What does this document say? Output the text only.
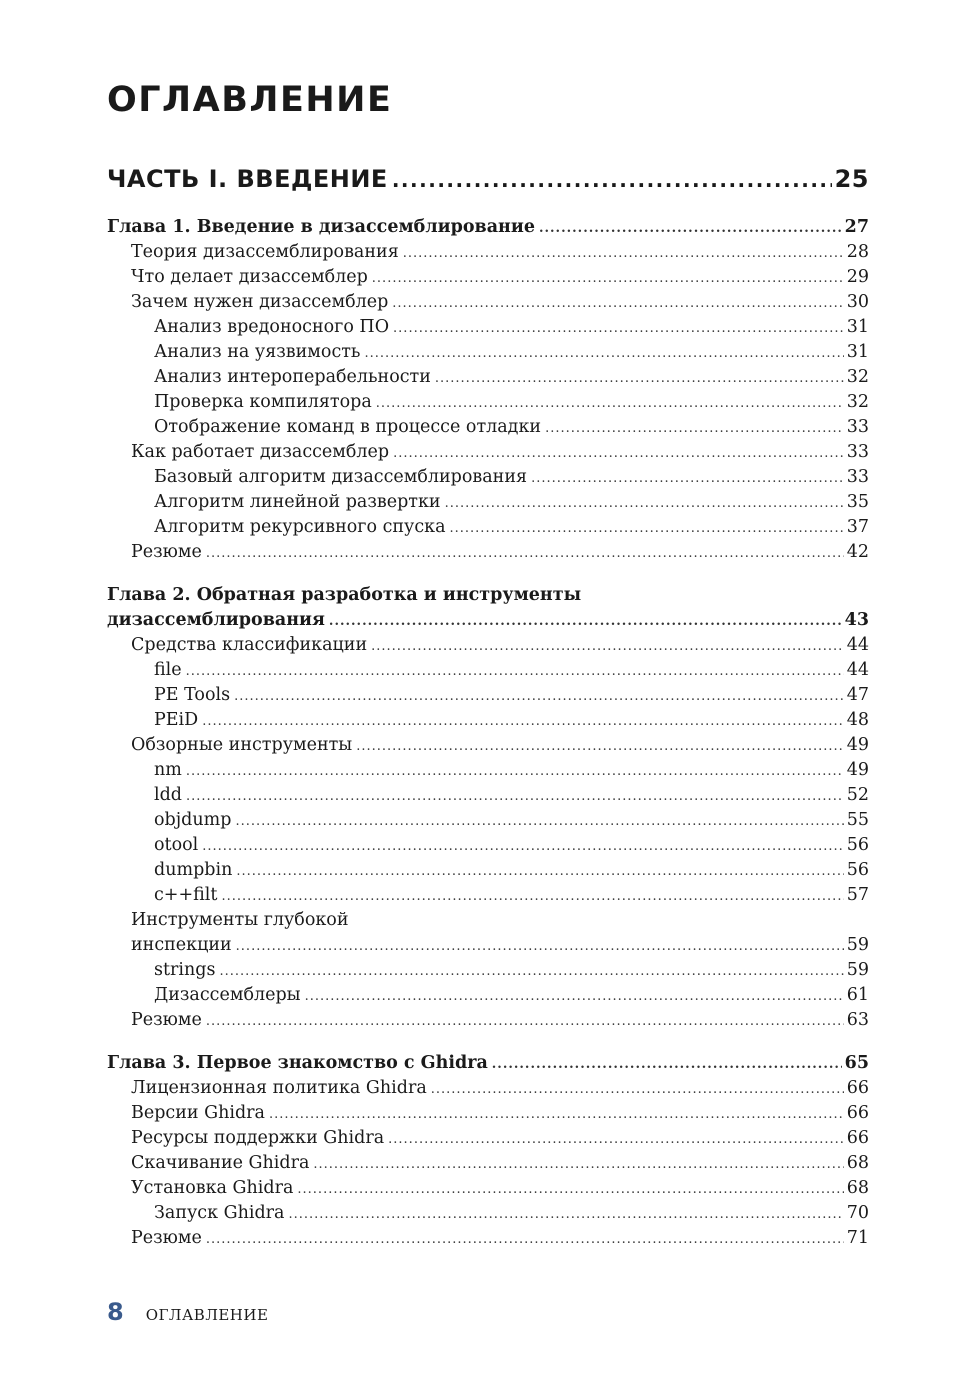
ОГЛАВЛЕНИЕ
ЧАСТЬ I. ВВЕДЕНИЕ .....	25
Глава 1. Введение в дизассемблирование .....	27
Теория дизассемблирования .....	28
Что делает дизассемблер .....	29
Зачем нужен дизассемблер .....	30
Анализ вредоносного ПО .....	31
Анализ на уязвимость .....	31
Анализ интероперабельности .....	32
Проверка компилятора .....	32
Отображение команд в процессе отладки .....	33
Как работает дизассемблер .....	33
Базовый алгоритм дизассемблирования .....	33
Алгоритм линейной развертки .....	35
Алгоритм рекурсивного спуска .....	37
Резюме .....	42
Глава 2. Обратная разработка и инструменты
дизассемблирования .....	43
Средства классификации .....	44
file .....	44
PE Tools .....	47
PEiD .....	48
Обзорные инструменты .....	49
nm .....	49
ldd .....	52
objdump .....	55
otool .....	56
dumpbin .....	56
c++filt .....	57
Инструменты глубокой
инспекции .....	59
strings .....	59
Дизассемблеры .....	61
Резюме .....	63
Глава 3. Первое знакомство с Ghidra .....	65
Лицензионная политика Ghidra .....	66
Версии Ghidra .....	66
Ресурсы поддержки Ghidra .....	66
Скачивание Ghidra .....	68
Установка Ghidra .....	68
Запуск Ghidra .....	70
Резюме .....	71
8 ОГЛАВЛЕНИЕ
